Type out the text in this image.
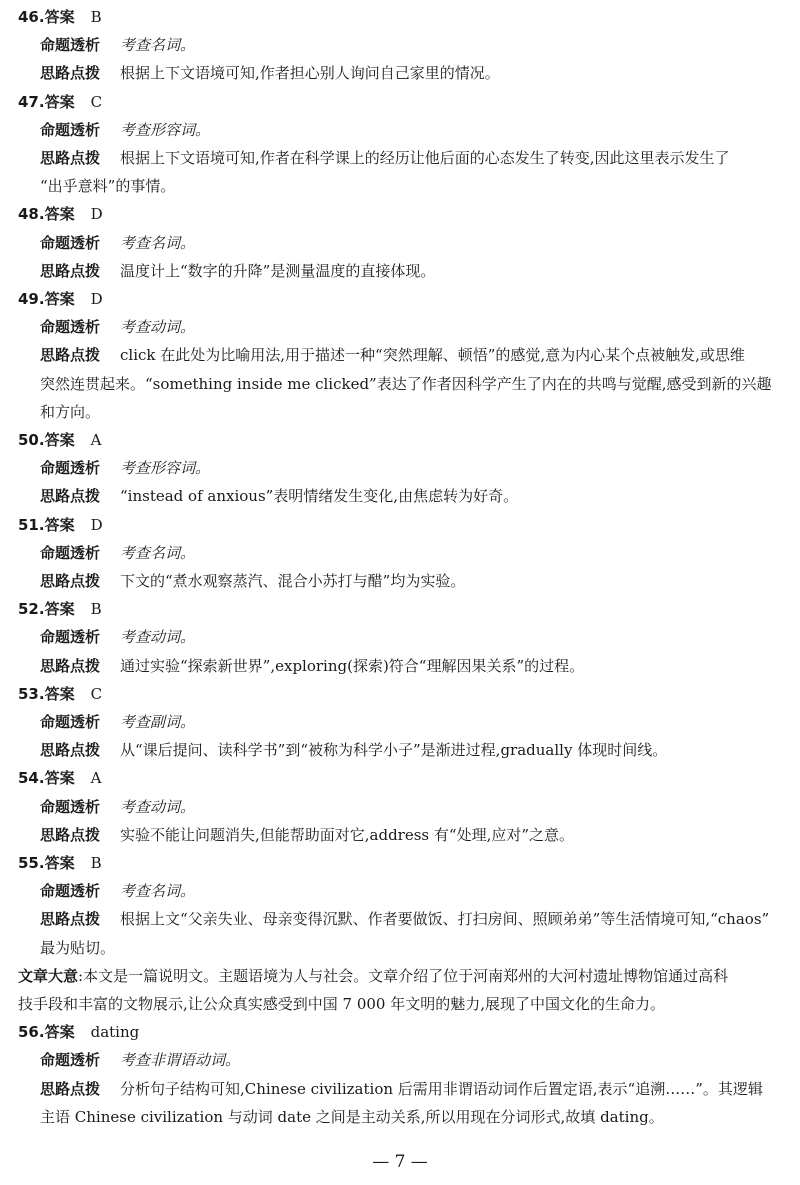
46.答案 B
命题透析 考查名词。
思路点拨 根据上下文语境可知,作者担心别人询问自己家里的情况。
47.答案 C
命题透析 考查形容词。
思路点拨 根据上下文语境可知,作者在科学课上的经历让他后面的心态发生了转变,因此这里表示发生了
“出乎意料”的事情。
48.答案 D
命题透析 考查名词。
思路点拨 温度计上“数字的升降”是测量温度的直接体现。
49.答案 D
命题透析 考查动词。
思路点拨 click 在此处为比喻用法,用于描述一种“突然理解、顿悟”的感觉,意为内心某个点被触发,或思维
突然连贯起来。“something inside me clicked”表达了作者因科学产生了内在的共鸣与觉醒,感受到新的兴趣
和方向。
50.答案 A
命题透析 考查形容词。
思路点拨 “instead of anxious”表明情绪发生变化,由焦虑转为好奇。
51.答案 D
命题透析 考查名词。
思路点拨 下文的“煮水观察蒸汽、混合小苏打与醋”均为实验。
52.答案 B
命题透析 考查动词。
思路点拨 通过实验“探索新世界”,exploring(探索)符合“理解因果关系”的过程。
53.答案 C
命题透析 考查副词。
思路点拨 从“课后提问、读科学书”到“被称为科学小子”是渐进过程,gradually 体现时间线。
54.答案 A
命题透析 考查动词。
思路点拨 实验不能让问题消失,但能帮助面对它,address 有“处理,应对”之意。
55.答案 B
命题透析 考查名词。
思路点拨 根据上文“父亲失业、母亲变得沉默、作者要做饭、打扫房间、照顾弟弟”等生活情境可知,“chaos”
最为贴切。
文章大意:本文是一篇说明文。主题语境为人与社会。文章介绍了位于河南郑州的大河村遗址博物馆通过高科
技手段和丰富的文物展示,让公众真实感受到中国 7 000 年文明的魅力,展现了中国文化的生命力。
56.答案 dating
命题透析 考查非谓语动词。
思路点拨 分析句子结构可知,Chinese civilization 后需用非谓语动词作后置定语,表示“追溯……”。其逻辑
主语 Chinese civilization 与动词 date 之间是主动关系,所以用现在分词形式,故填 dating。
— 7 —
